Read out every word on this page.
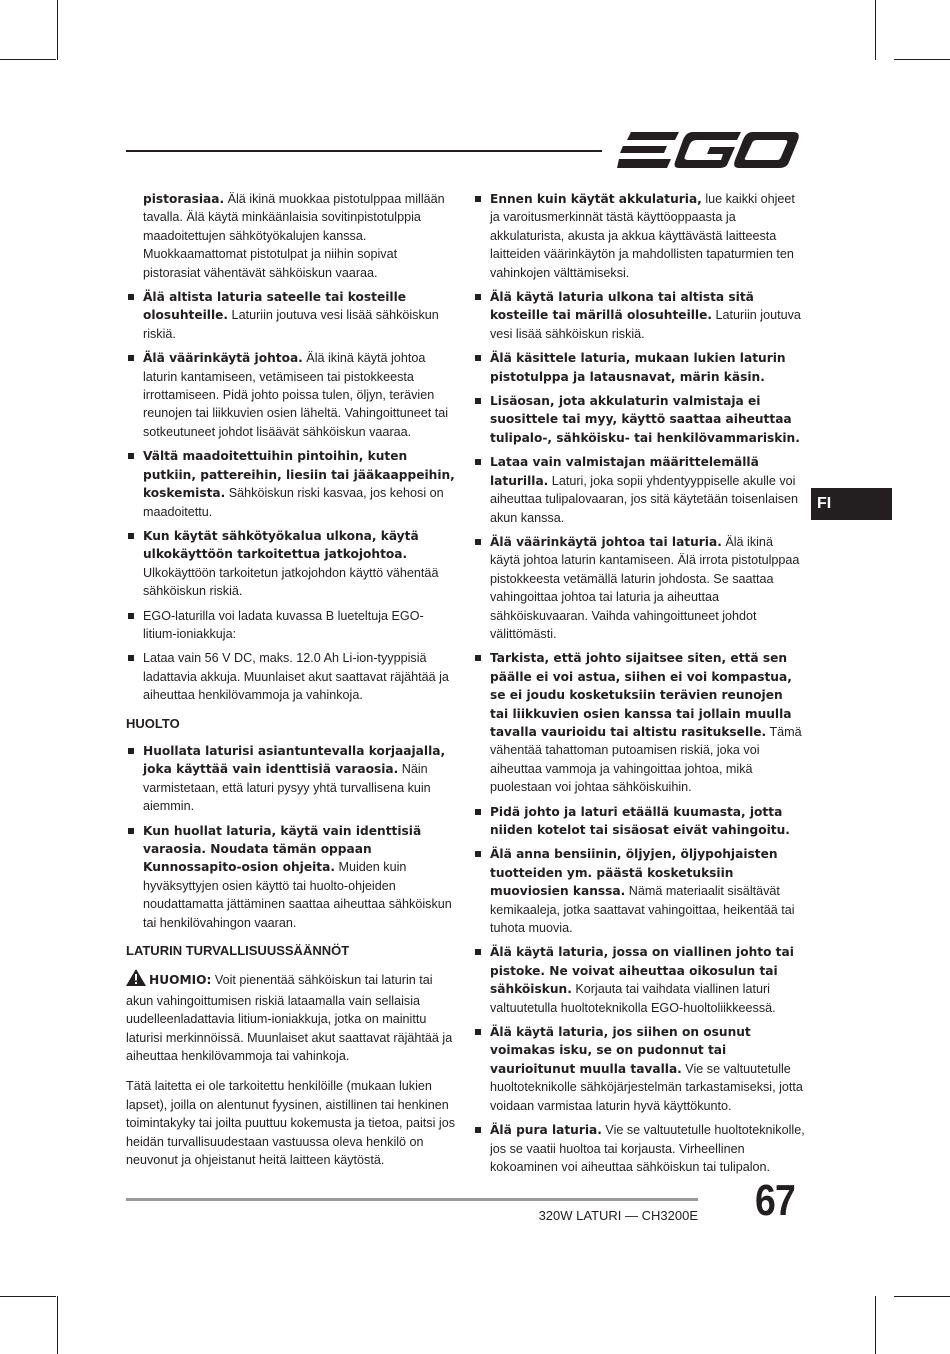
FI
pistorasiaa. Älä ikinä muokkaa pistotulppaa millään tavalla. Älä käytä minkäänlaisia sovitinpistotulppia maadoitettujen sähkötyökalujen kanssa. Muokkaamattomat pistotulpat ja niihin sopivat pistorasiat vähentävät sähköiskun vaaraa.
Älä altista laturia sateelle tai kosteille olosuhteille. Laturiin joutuva vesi lisää sähköiskun riskiä.
Älä väärinkäytä johtoa. Älä ikinä käytä johtoa laturin kantamiseen, vetämiseen tai pistokkeesta irrottamiseen. Pidä johto poissa tulen, öljyn, terävien reunojen tai liikkuvien osien läheltä. Vahingoittuneet tai sotkeutuneet johdot lisäävät sähköiskun vaaraa.
Vältä maadoitettuihin pintoihin, kuten putkiin, pattereihin, liesiin tai jääkaappeihin, koskemista. Sähköiskun riski kasvaa, jos kehosi on maadoitettu.
Kun käytät sähkötyökalua ulkona, käytä ulkokäyttöön tarkoitettua jatkojohtoa. Ulkokäyttöön tarkoitetun jatkojohdon käyttö vähentää sähköiskun riskiä.
EGO-laturilla voi ladata kuvassa B lueteltuja EGO-litium-ioniakkuja:
Lataa vain 56 V DC, maks. 12.0 Ah Li-ion-tyyppisiä ladattavia akkuja. Muunlaiset akut saattavat räjähtää ja aiheuttaa henkilövammoja ja vahinkoja.
HUOLTO
Huollata laturisi asiantuntevalla korjaajalla, joka käyttää vain identtisiä varaosia. Näin varmistetaan, että laturi pysyy yhtä turvallisena kuin aiemmin.
Kun huollat laturia, käytä vain identtisiä varaosia. Noudata tämän oppaan Kunnossapito-osion ohjeita. Muiden kuin hyväksyttyjen osien käyttö tai huolto-ohjeiden noudattamatta jättäminen saattaa aiheuttaa sähköiskun tai henkilövahingon vaaran.
LATURIN TURVALLISUUSSÄÄNNÖT

HUOMIO: Voit pienentää sähköiskun tai laturin tai akun vahingoittumisen riskiä lataamalla vain sellaisia uudelleenladattavia litium-ioniakkuja, jotka on mainittu laturisi merkinnöissä. Muunlaiset akut saattavat räjähtää ja aiheuttaa henkilövammoja tai vahinkoja.

Tätä laitetta ei ole tarkoitettu henkilöille (mukaan lukien lapset), joilla on alentunut fyysinen, aistillinen tai henkinen toimintakyky tai joilta puuttuu kokemusta ja tietoa, paitsi jos heidän turvallisuudestaan vastuussa oleva henkilö on neuvonut ja ohjeistanut heitä laitteen käytöstä.

Ennen kuin käytät akkulaturia, lue kaikki ohjeet ja varoitusmerkinnät tästä käyttöoppaasta ja akkulaturista, akusta ja akkua käyttävästä laitteesta laitteiden väärinkäytön ja mahdollisten tapaturmien ten vahinkojen välttämiseksi.
Älä käytä laturia ulkona tai altista sitä kosteille tai märillä olosuhteille. Laturiin joutuva vesi lisää sähköiskun riskiä.
Älä käsittele laturia, mukaan lukien laturin pistotulppa ja latausnavat, märin käsin.
Lisäosan, jota akkulaturin valmistaja ei suosittele tai myy, käyttö saattaa aiheuttaa tulipalo-, sähköisku- tai henkilövammariskin.
Lataa vain valmistajan määrittelemällä laturilla. Laturi, joka sopii yhdentyyppiselle akulle voi aiheuttaa tulipalovaaran, jos sitä käytetään toisenlaisen akun kanssa.
Älä väärinkäytä johtoa tai laturia. Älä ikinä käytä johtoa laturin kantamiseen. Älä irrota pistotulppaa pistokkeesta vetämällä laturin johdosta. Se saattaa vahingoittaa johtoa tai laturia ja aiheuttaa sähköiskuvaaran. Vaihda vahingoittuneet johdot välittömästi.
Tarkista, että johto sijaitsee siten, että sen päälle ei voi astua, siihen ei voi kompastua, se ei joudu kosketuksiin terävien reunojen tai liikkuvien osien kanssa tai jollain muulla tavalla vaurioidu tai altistu rasitukselle. Tämä vähentää tahattoman putoamisen riskiä, joka voi aiheuttaa vammoja ja vahingoittaa johtoa, mikä puolestaan voi johtaa sähköiskuihin.
Pidä johto ja laturi etäällä kuumasta, jotta niiden kotelot tai sisäosat eivät vahingoitu.
Älä anna bensiinin, öljyjen, öljypohjaisten tuotteiden ym. päästä kosketuksiin muoviosien kanssa. Nämä materiaalit sisältävät kemikaaleja, jotka saattavat vahingoittaa, heikentää tai tuhota muovia.
Älä käytä laturia, jossa on viallinen johto tai pistoke. Ne voivat aiheuttaa oikosulun tai sähköiskun. Korjauta tai vaihdata viallinen laturi valtuutetulla huoltoteknikolla EGO-huoltoliikkeessä.
Älä käytä laturia, jos siihen on osunut voimakas isku, se on pudonnut tai vaurioitunut muulla tavalla. Vie se valtuutetulle huoltoteknikolle sähköjärjestelmän tarkastamiseksi, jotta voidaan varmistaa laturin hyvä käyttökunto.
Älä pura laturia. Vie se valtuutetulle huoltoteknikolle, jos se vaatii huoltoa tai korjausta. Virheellinen kokoaminen voi aiheuttaa sähköiskun tai tulipalon.
320W LATURI — CH3200E 67
